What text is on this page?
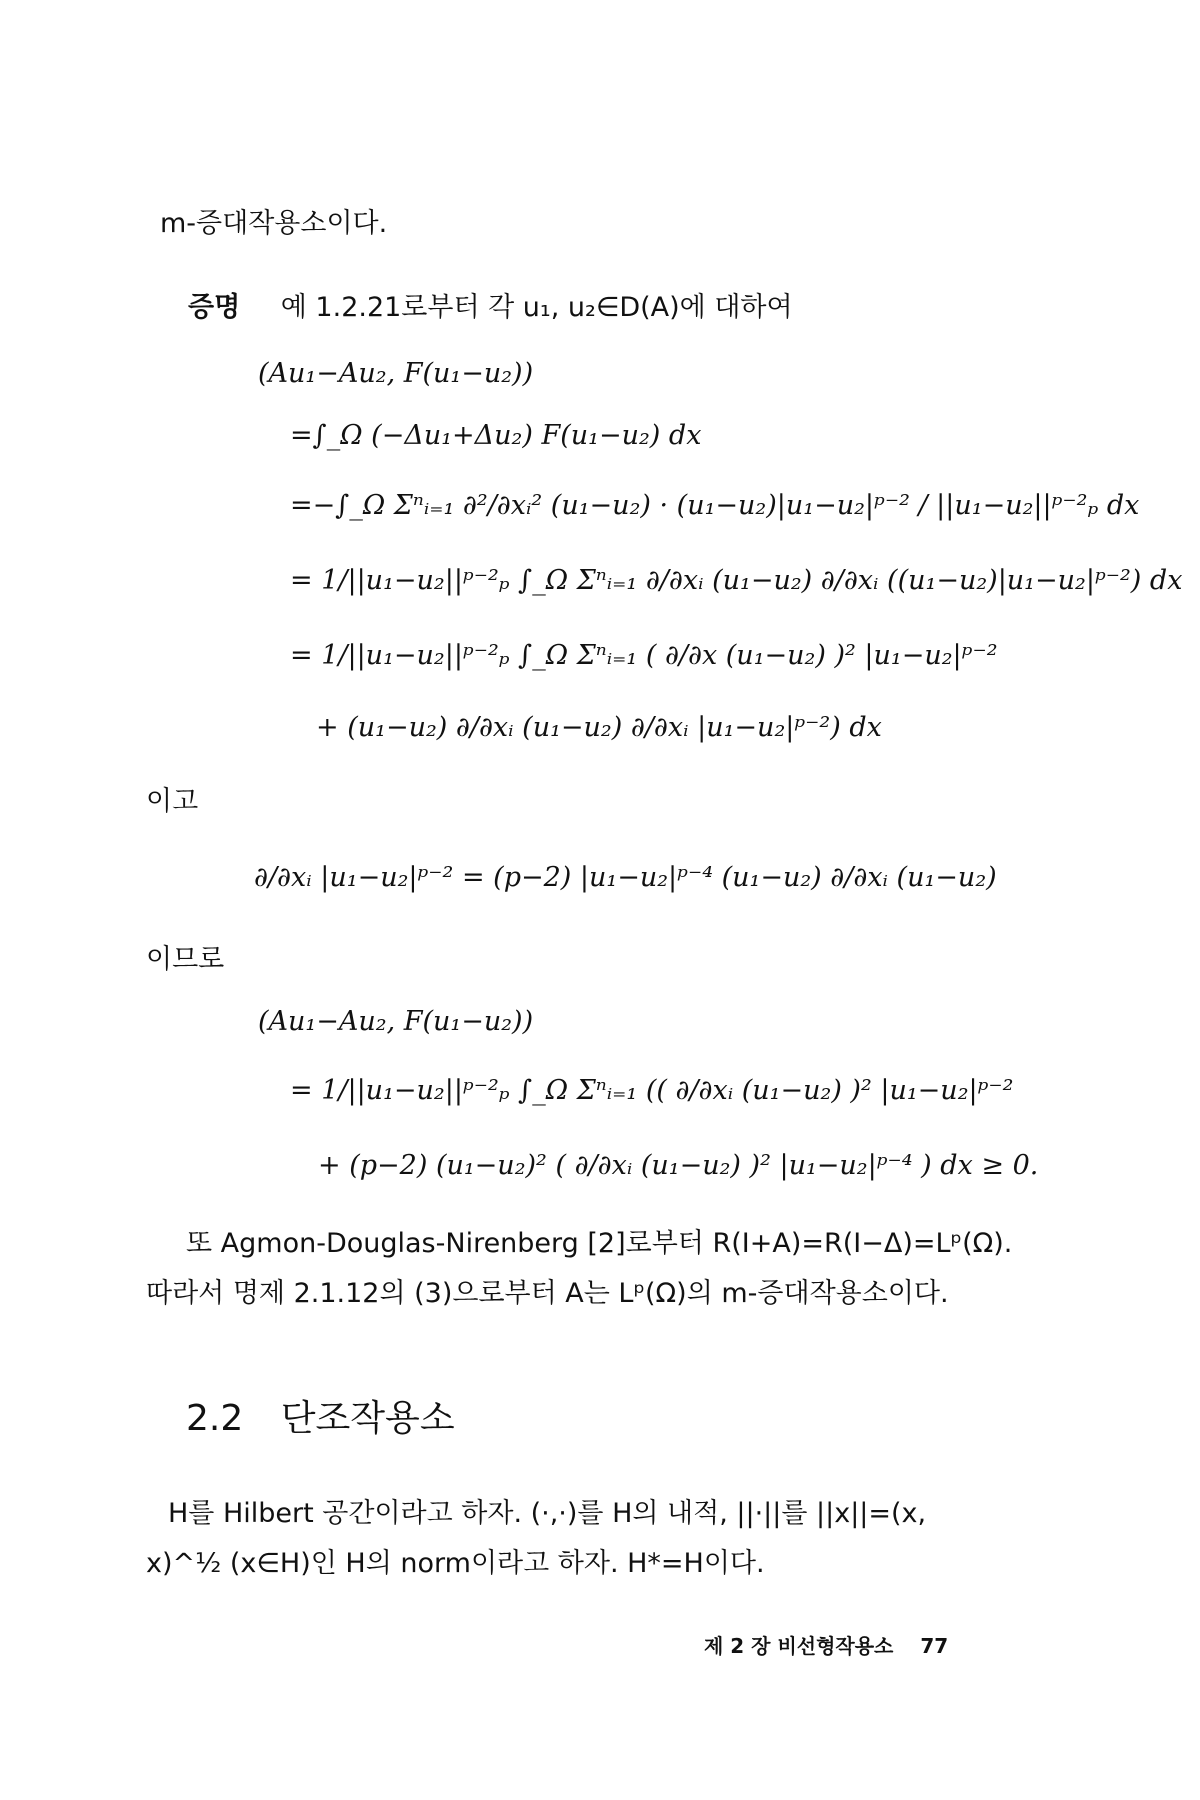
m-증대작용소이다.
증명 예 1.2.21로부터 각 u₁, u₂∈D(A)에 대하여
(Au₁−Au₂, F(u₁−u₂))
=∫_Ω (−Δu₁+Δu₂) F(u₁−u₂) dx
=−∫_Ω Σⁿᵢ₌₁ ∂²/∂xᵢ² (u₁−u₂) · (u₁−u₂)|u₁−u₂|ᵖ⁻² / ||u₁−u₂||ᵖ⁻²ₚ dx
= 1/||u₁−u₂||ᵖ⁻²ₚ ∫_Ω Σⁿᵢ₌₁ ∂/∂xᵢ (u₁−u₂) ∂/∂xᵢ ((u₁−u₂)|u₁−u₂|ᵖ⁻²) dx
= 1/||u₁−u₂||ᵖ⁻²ₚ ∫_Ω Σⁿᵢ₌₁ ( ∂/∂x (u₁−u₂) )² |u₁−u₂|ᵖ⁻²
+ (u₁−u₂) ∂/∂xᵢ (u₁−u₂) ∂/∂xᵢ |u₁−u₂|ᵖ⁻²) dx
이고
∂/∂xᵢ |u₁−u₂|ᵖ⁻² = (p−2) |u₁−u₂|ᵖ⁻⁴ (u₁−u₂) ∂/∂xᵢ (u₁−u₂)
이므로
(Au₁−Au₂, F(u₁−u₂))
= 1/||u₁−u₂||ᵖ⁻²ₚ ∫_Ω Σⁿᵢ₌₁ (( ∂/∂xᵢ (u₁−u₂) )² |u₁−u₂|ᵖ⁻²
+ (p−2) (u₁−u₂)² ( ∂/∂xᵢ (u₁−u₂) )² |u₁−u₂|ᵖ⁻⁴ ) dx ≥ 0.
또 Agmon-Douglas-Nirenberg [2]로부터 R(I+A)=R(I−Δ)=Lᵖ(Ω).
따라서 명제 2.1.12의 (3)으로부터 A는 Lᵖ(Ω)의 m-증대작용소이다.
2.2 단조작용소
H를 Hilbert 공간이라고 하자. (·,·)를 H의 내적, ||·||를 ||x||=(x,
x)^½ (x∈H)인 H의 norm이라고 하자. H*=H이다.
제 2 장 비선형작용소 77
